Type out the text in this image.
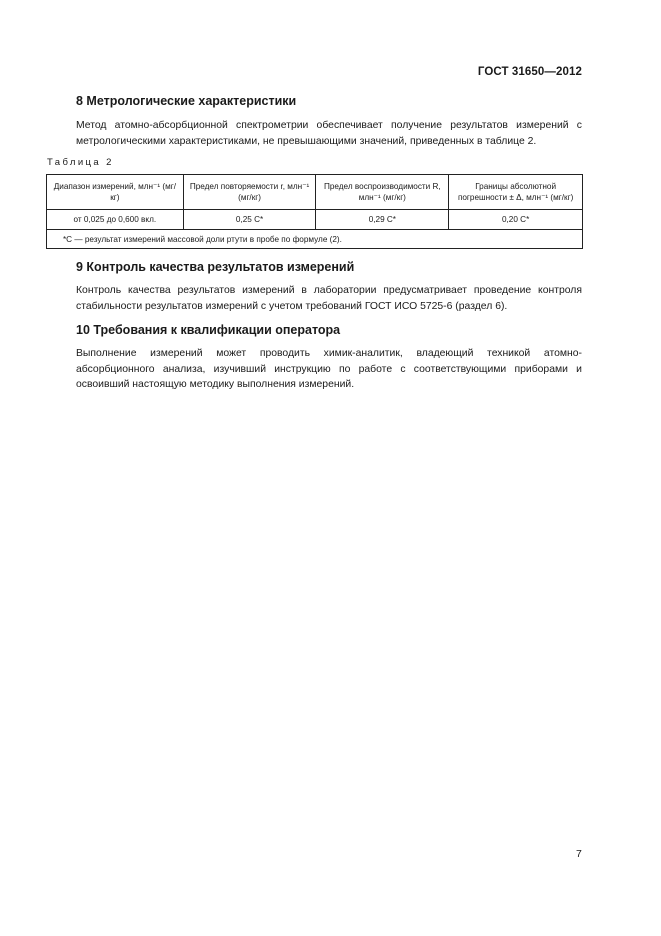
ГОСТ 31650—2012
8 Метрологические характеристики

Метод атомно-абсорбционной спектрометрии обеспечивает получение результатов измерений с метрологическими характеристиками, не превышающими значений, приведенных в таблице 2.

Таблица 2
Диапазон измерений, млн⁻¹ (мг/кг)	Предел повторяемости r, млн⁻¹ (мг/кг)	Предел воспроизводимости R, млн⁻¹ (мг/кг)	Границы абсолютной погрешности ± Δ, млн⁻¹ (мг/кг)
от 0,025 до 0,600 вкл.	0,25 C*	0,29 C*	0,20 C*
*C — результат измерений массовой доли ртути в пробе по формуле (2).			
9 Контроль качества результатов измерений

Контроль качества результатов измерений в лаборатории предусматривает проведение контроля стабильности результатов измерений с учетом требований ГОСТ ИСО 5725-6 (раздел 6).

10 Требования к квалификации оператора

Выполнение измерений может проводить химик-аналитик, владеющий техникой атомно-абсорбционного анализа, изучивший инструкцию по работе с соответствующими приборами и освоивший настоящую методику выполнения измерений.

7
